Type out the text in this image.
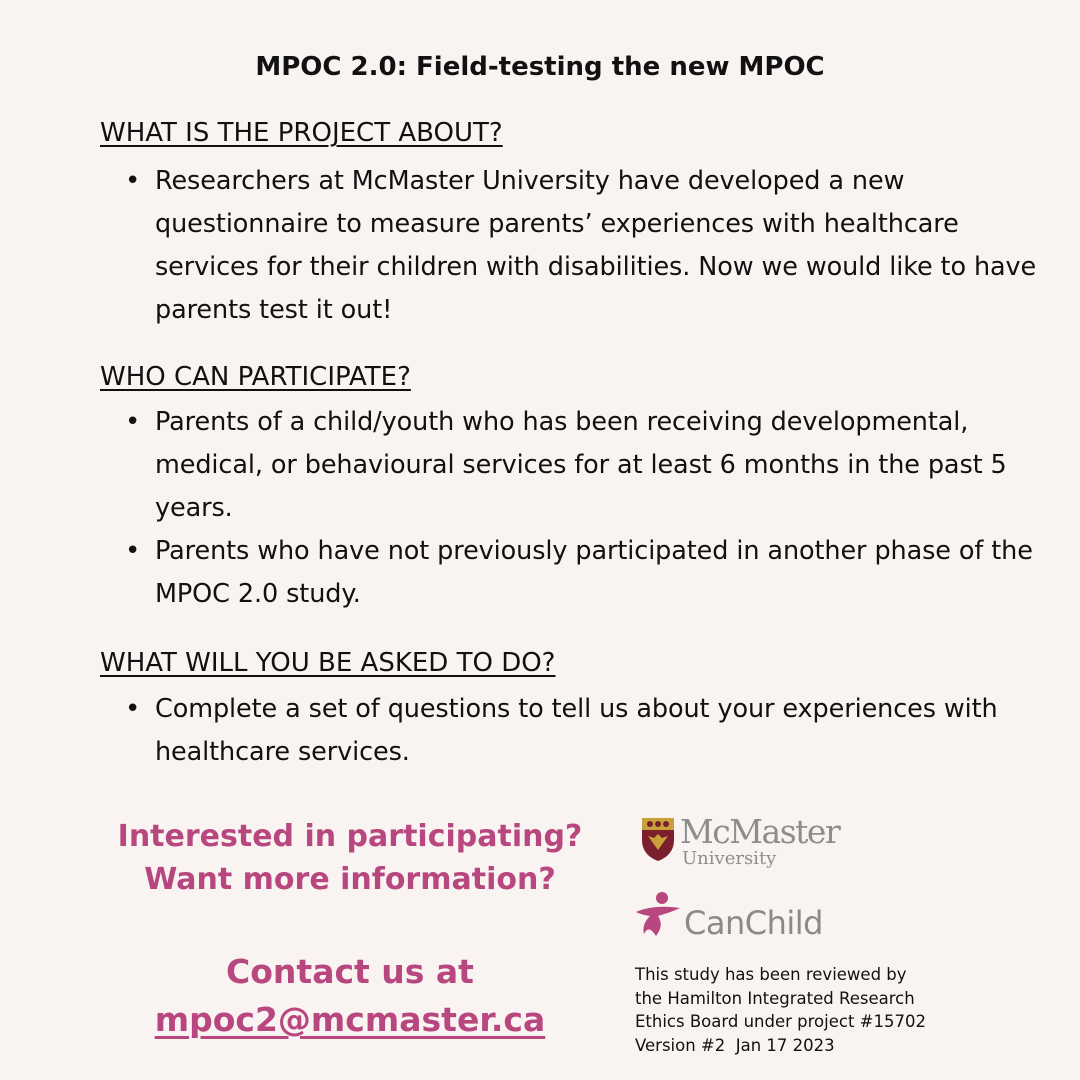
MPOC 2.0: Field-testing the new MPOC
WHAT IS THE PROJECT ABOUT?
• Researchers at McMaster University have developed a new questionnaire to measure parents’ experiences with healthcare services for their children with disabilities. Now we would like to have parents test it out!
WHO CAN PARTICIPATE?
• Parents of a child/youth who has been receiving developmental, medical, or behavioural services for at least 6 months in the past 5 years.
• Parents who have not previously participated in another phase of the MPOC 2.0 study.
WHAT WILL YOU BE ASKED TO DO?
• Complete a set of questions to tell us about your experiences with healthcare services.
Interested in participating?
Want more information?
Contact us at
mpoc2@mcmaster.ca
McMaster
University
CanChild
This study has been reviewed by
the Hamilton Integrated Research
Ethics Board under project #15702
Version #2  Jan 17 2023
